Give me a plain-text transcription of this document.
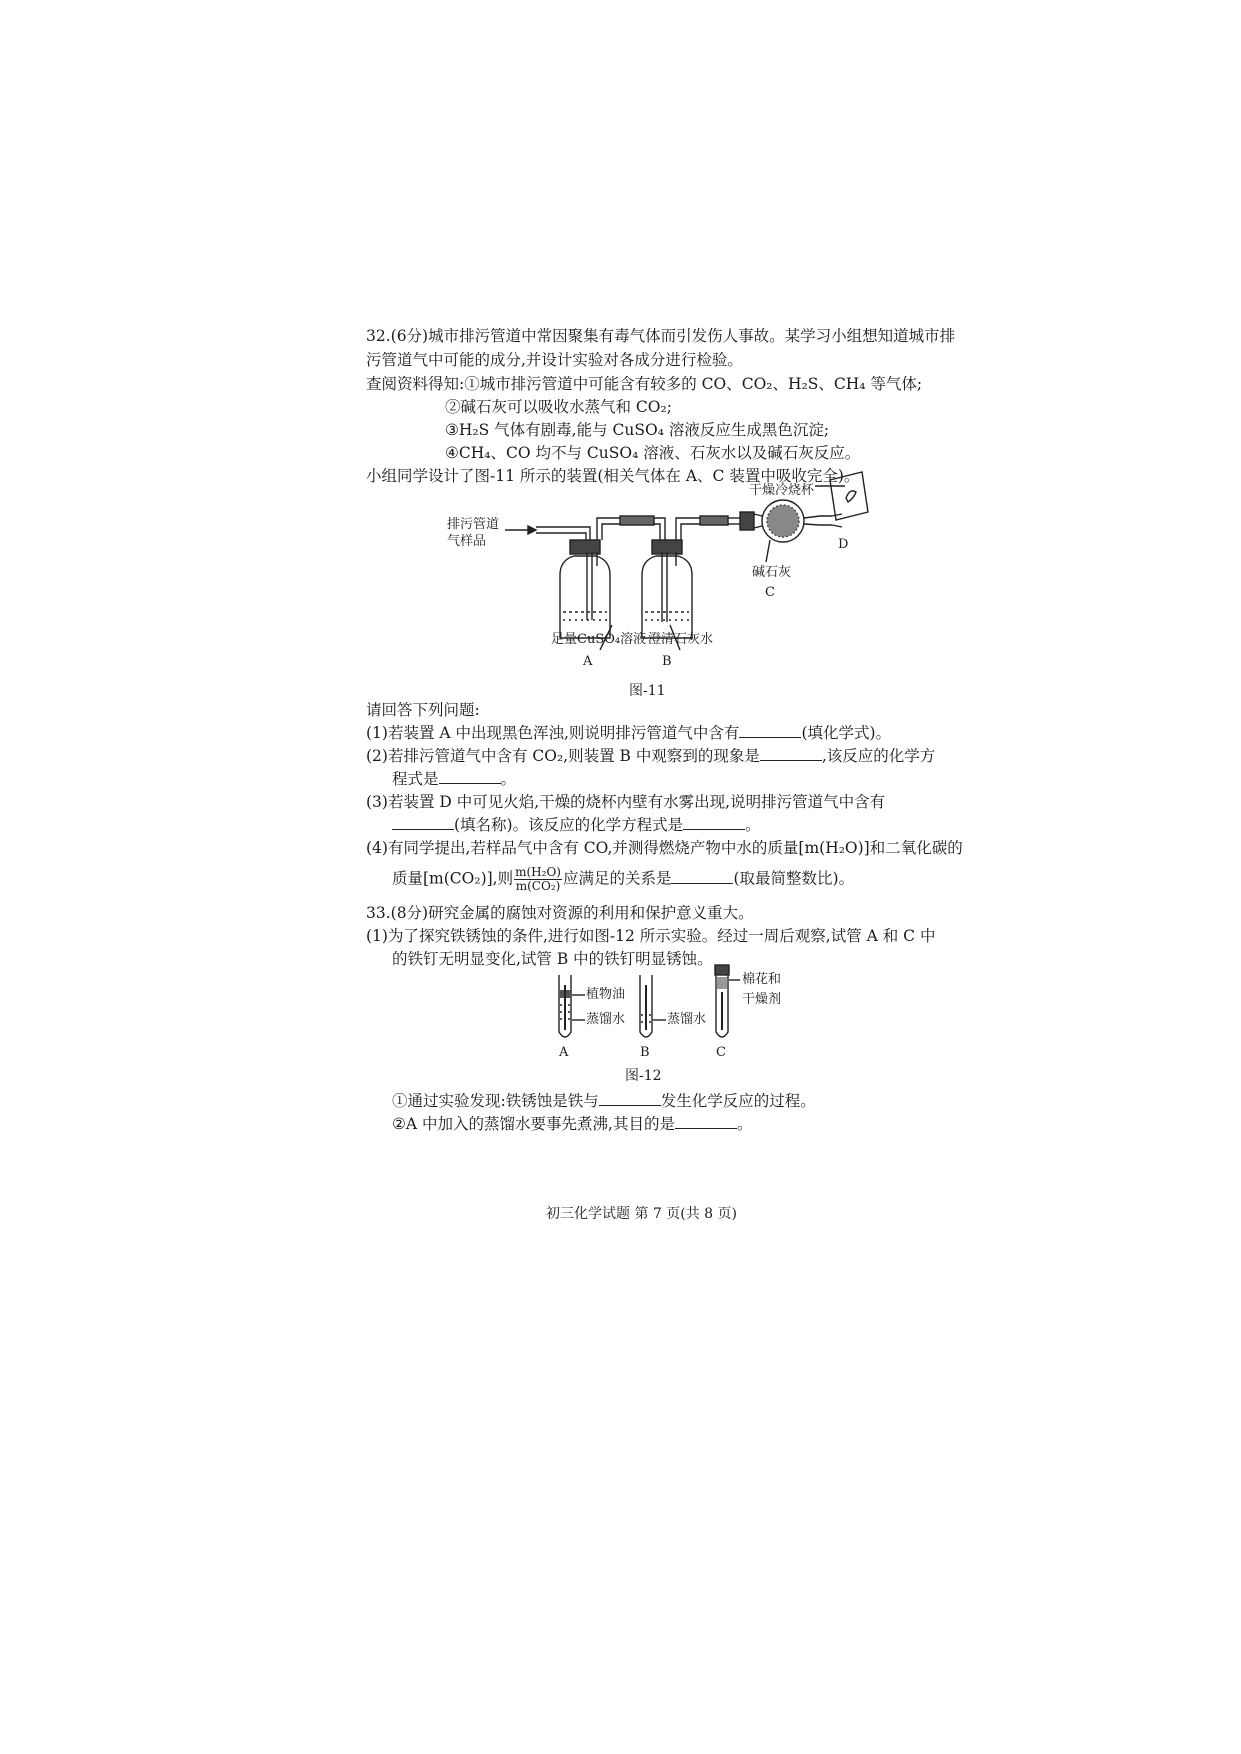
32.(6分)城市排污管道中常因聚集有毒气体而引发伤人事故。某学习小组想知道城市排
污管道气中可能的成分,并设计实验对各成分进行检验。
查阅资料得知:①城市排污管道中可能含有较多的 CO、CO₂、H₂S、CH₄ 等气体;
②碱石灰可以吸收水蒸气和 CO₂;
③H₂S 气体有剧毒,能与 CuSO₄ 溶液反应生成黑色沉淀;
④CH₄、CO 均不与 CuSO₄ 溶液、石灰水以及碱石灰反应。
小组同学设计了图-11 所示的装置(相关气体在 A、C 装置中吸收完全)。
干燥冷烧杯
排污管道
气样品	D
碱石灰
C
足量CuSO₄溶液 澄清石灰水
A	B
图-11
请回答下列问题:
(1)若装置 A 中出现黑色浑浊,则说明排污管道气中含有	(填化学式)。
(2)若排污管道气中含有 CO₂,则装置 B 中观察到的现象是	,该反应的化学方
程式是	。
(3)若装置 D 中可见火焰,干燥的烧杯内壁有水雾出现,说明排污管道气中含有
(填名称)。该反应的化学方程式是	。
(4)有同学提出,若样品气中含有 CO,并测得燃烧产物中水的质量[m(H₂O)]和二氧化碳的
质量[m(CO₂)],则 $\frac{\text{m(H₂O)}}{\text{m(CO₂)}}$ 应满足的关系是	(取最简整数比)。
33.(8分)研究金属的腐蚀对资源的利用和保护意义重大。
(1)为了探究铁锈蚀的条件,进行如图-12 所示实验。经过一周后观察,试管 A 和 C 中
的铁钉无明显变化,试管 B 中的铁钉明显锈蚀。
植物油
蒸馏水	蒸馏水
棉花和
干燥剂
A	B	C
图-12
①通过实验发现:铁锈蚀是铁与	发生化学反应的过程。
②A 中加入的蒸馏水要事先煮沸,其目的是	。
初三化学试题 第 7 页(共 8 页)
